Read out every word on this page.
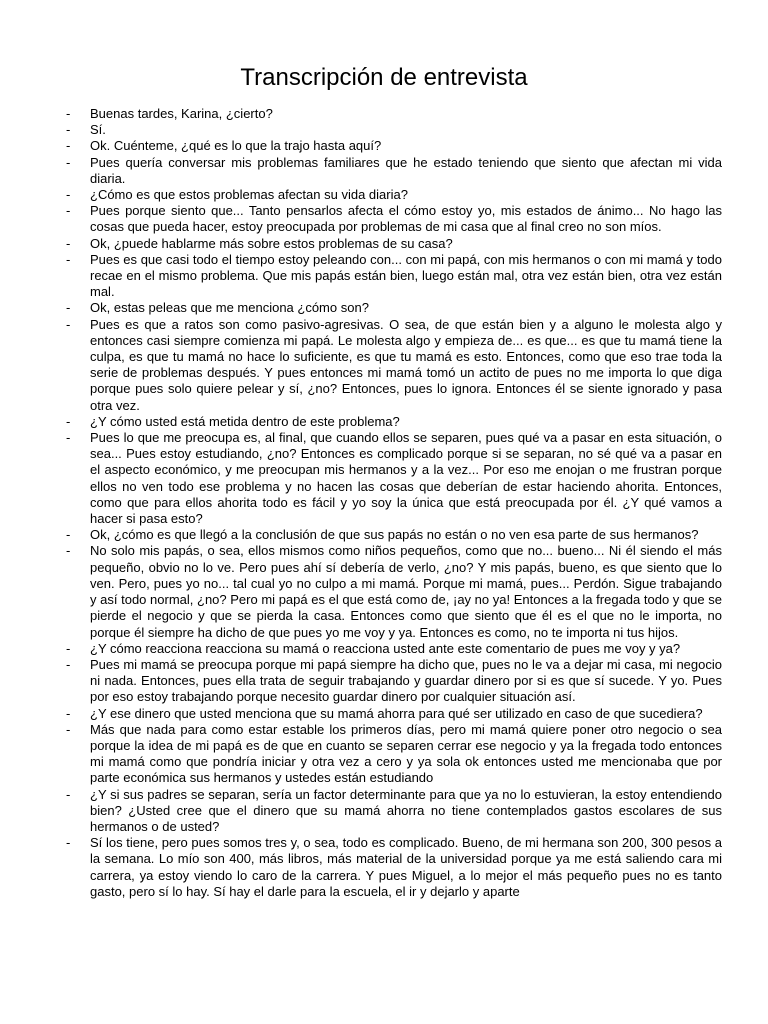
Transcripción de entrevista
-	Buenas tardes, Karina, ¿cierto?
-	Sí.
-	Ok. Cuénteme, ¿qué es lo que la trajo hasta aquí?
-	Pues quería conversar mis problemas familiares que he estado teniendo que siento que afectan mi vida diaria.
-	¿Cómo es que estos problemas afectan su vida diaria?
-	Pues porque siento que... Tanto pensarlos afecta el cómo estoy yo, mis estados de ánimo... No hago las cosas que pueda hacer, estoy preocupada por problemas de mi casa que al final creo no son míos.
-	Ok, ¿puede hablarme más sobre estos problemas de su casa?
-	Pues es que casi todo el tiempo estoy peleando con... con mi papá, con mis hermanos o con mi mamá y todo recae en el mismo problema. Que mis papás están bien, luego están mal, otra vez están bien, otra vez están mal.
-	Ok, estas peleas que me menciona ¿cómo son?
-	Pues es que a ratos son como pasivo-agresivas. O sea, de que están bien y a alguno le molesta algo y entonces casi siempre comienza mi papá. Le molesta algo y empieza de... es que... es que tu mamá tiene la culpa, es que tu mamá no hace lo suficiente, es que tu mamá es esto. Entonces, como que eso trae toda la serie de problemas después. Y pues entonces mi mamá tomó un actito de pues no me importa lo que diga porque pues solo quiere pelear y sí, ¿no? Entonces, pues lo ignora. Entonces él se siente ignorado y pasa otra vez.
-	¿Y cómo usted está metida dentro de este problema?
-	Pues lo que me preocupa es, al final, que cuando ellos se separen, pues qué va a pasar en esta situación, o sea... Pues estoy estudiando, ¿no? Entonces es complicado porque si se separan, no sé qué va a pasar en el aspecto económico, y me preocupan mis hermanos y a la vez... Por eso me enojan o me frustran porque ellos no ven todo ese problema y no hacen las cosas que deberían de estar haciendo ahorita. Entonces, como que para ellos ahorita todo es fácil y yo soy la única que está preocupada por él. ¿Y qué vamos a hacer si pasa esto?
-	Ok, ¿cómo es que llegó a la conclusión de que sus papás no están o no ven esa parte de sus hermanos?
-	No solo mis papás, o sea, ellos mismos como niños pequeños, como que no... bueno... Ni él siendo el más pequeño, obvio no lo ve. Pero pues ahí sí debería de verlo, ¿no? Y mis papás, bueno, es que siento que lo ven. Pero, pues yo no... tal cual yo no culpo a mi mamá. Porque mi mamá, pues... Perdón. Sigue trabajando y así todo normal, ¿no? Pero mi papá es el que está como de, ¡ay no ya! Entonces a la fregada todo y que se pierde el negocio y que se pierda la casa. Entonces como que siento que él es el que no le importa, no porque él siempre ha dicho de que pues yo me voy y ya. Entonces es como, no te importa ni tus hijos.
-	¿Y cómo reacciona reacciona su mamá o reacciona usted ante este comentario de pues me voy y ya?
-	Pues mi mamá se preocupa porque mi papá siempre ha dicho que, pues no le va a dejar mi casa, mi negocio ni nada. Entonces, pues ella trata de seguir trabajando y guardar dinero por si es que sí sucede. Y yo. Pues por eso estoy trabajando porque necesito guardar dinero por cualquier situación así.
-	¿Y ese dinero que usted menciona que su mamá ahorra para qué ser utilizado en caso de que sucediera?
-	Más que nada para como estar estable los primeros días, pero mi mamá quiere poner otro negocio o sea porque la idea de mi papá es de que en cuanto se separen cerrar ese negocio y ya la fregada todo entonces mi mamá como que pondría iniciar y otra vez a cero y ya sola ok entonces usted me mencionaba que por parte económica sus hermanos y ustedes están estudiando
-	¿Y si sus padres se separan, sería un factor determinante para que ya no lo estuvieran, la estoy entendiendo bien? ¿Usted cree que el dinero que su mamá ahorra no tiene contemplados gastos escolares de sus hermanos o de usted?
-	Sí los tiene, pero pues somos tres y, o sea, todo es complicado. Bueno, de mi hermana son 200, 300 pesos a la semana. Lo mío son 400, más libros, más material de la universidad porque ya me está saliendo cara mi carrera, ya estoy viendo lo caro de la carrera. Y pues Miguel, a lo mejor el más pequeño pues no es tanto gasto, pero sí lo hay. Sí hay el darle para la escuela, el ir y dejarlo y aparte
